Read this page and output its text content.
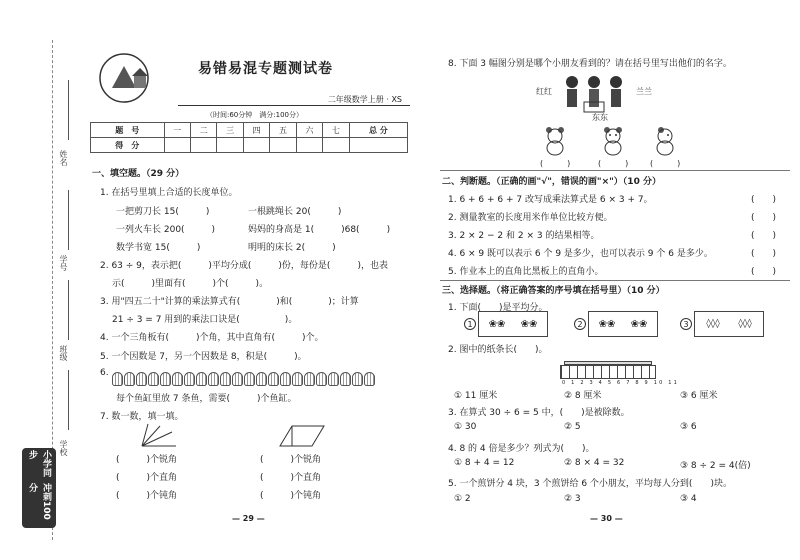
姓名
学号
班级
学校
小学同步
冲刺100分
易错易混专题测试卷
二年级数学上册 · XS
（时间:60分钟　满分:100分）
题　号	一	二	三	四	五	六	七	总 分
得　分								
一、填空题。（29 分）
1. 在括号里填上合适的长度单位。
一把剪刀长 15(　　　)	一根跳绳长 20(　　　)
一列火车长 200(　　　)	妈妈的身高是 1(　　　)68(　　　)
数学书宽 15(　　　)	明明的床长 2(　　　)
2. 63 ÷ 9，表示把(　　　)平均分成(　　　)份，每份是(　　　)，也表
示(　　　)里面有(　　　)个(　　　)。
3. 用"四五二十"计算的乘法算式有(　　　　)和(　　　　)；计算
21 ÷ 3 = 7 用到的乘法口诀是(　　　　　)。
4. 一个三角板有(　　　)个角，其中直角有(　　　)个。
5. 一个因数是 7，另一个因数是 8，积是(　　　)。
6.
每个鱼缸里放 7 条鱼，需要(　　　)个鱼缸。
7. 数一数，填一填。
(　　　)个锐角
(　　　)个直角
(　　　)个钝角
(　　　)个锐角
(　　　)个直角
(　　　)个钝角
— 29 —
8. 下面 3 幅图分别是哪个小朋友看到的？请在括号里写出他们的名字。
红红	兰兰
东东
(　　　)	(　　　)	(　　　)
二、判断题。（正确的画"√"，错误的画"×"）（10 分）
1. 6 + 6 + 6 + 7 改写成乘法算式是 6 × 3 + 7。	(　　)
2. 测量教室的长度用米作单位比较方便。	(　　)
3. 2 × 2 − 2 和 2 × 3 的结果相等。	(　　)
4. 6 × 9 既可以表示 6 个 9 是多少，也可以表示 9 个 6 是多少。	(　　)
5. 作业本上的直角比黑板上的直角小。	(　　)
三、选择题。（将正确答案的序号填在括号里）（10 分）
1. 下面(　　)是平均分。
1	❀❀ ❀❀	2	❀❀ ❀❀	3	◊◊◊ ◊◊◊
2. 图中的纸条长(　　)。
0 1 2 3 4 5 6 7 8 9 10 11
① 11 厘米	② 8 厘米	③ 6 厘米
3. 在算式 30 ÷ 6 = 5 中，(　　)是被除数。
① 30	② 5	③ 6
4. 8 的 4 倍是多少？列式为(　　)。
① 8 + 4 = 12	② 8 × 4 = 32	③ 8 ÷ 2 = 4(倍)
5. 一个煎饼分 4 块，3 个煎饼给 6 个小朋友，平均每人分到(　　)块。
① 2	② 3	③ 4
— 30 —
